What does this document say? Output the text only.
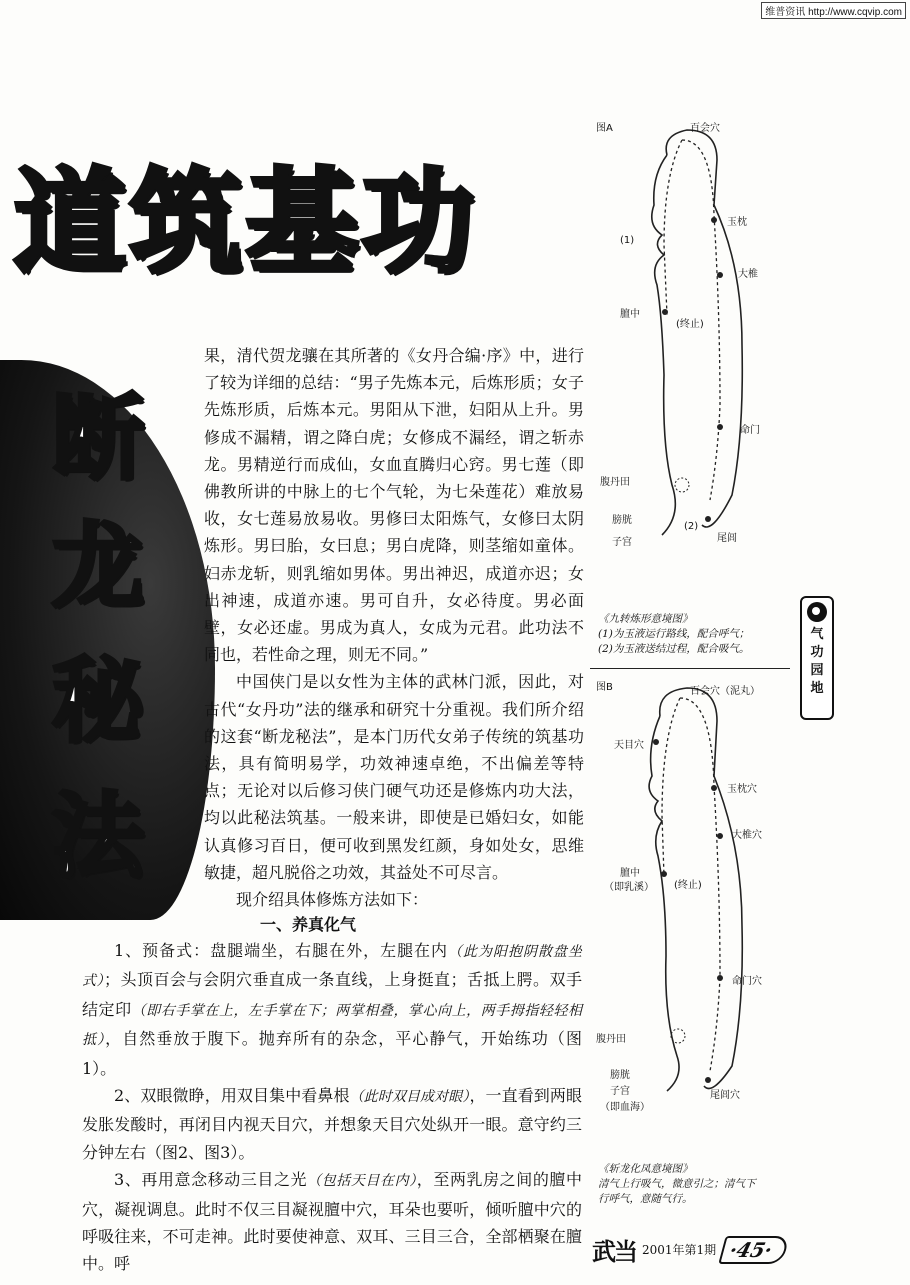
维普资讯 http://www.cqvip.com
道 筑 基 功
断
龙
秘
法

果，清代贺龙骧在其所著的《女丹合编·序》中，进行了较为详细的总结：“男子先炼本元，后炼形质；女子先炼形质，后炼本元。男阳从下泄，妇阳从上升。男修成不漏精，谓之降白虎；女修成不漏经，谓之斩赤龙。男精逆行而成仙，女血直腾归心窍。男七莲（即佛教所讲的中脉上的七个气轮，为七朵莲花）难放易收，女七莲易放易收。男修曰太阳炼气，女修曰太阴炼形。男曰胎，女曰息；男白虎降，则茎缩如童体。妇赤龙斩，则乳缩如男体。男出神迟，成道亦迟；女出神速，成道亦速。男可自升，女必待度。男必面壁，女必还虚。男成为真人，女成为元君。此功法不同也，若性命之理，则无不同。”

中国侠门是以女性为主体的武林门派，因此，对古代“女丹功”法的继承和研究十分重视。我们所介绍的这套“断龙秘法”，是本门历代女弟子传统的筑基功法，具有简明易学，功效神速卓绝，不出偏差等特点；无论对以后修习侠门硬气功还是修炼内功大法，均以此秘法筑基。一般来讲，即使是已婚妇女，如能认真修习百日，便可收到黑发红颜，身如处女，思维敏捷，超凡脱俗之功效，其益处不可尽言。

现介绍具体修炼方法如下：

一、养真化气

1、预备式：盘腿端坐，右腿在外，左腿在内（此为阳抱阴散盘坐式）；头顶百会与会阴穴垂直成一条直线，上身挺直；舌抵上腭。双手结定印（即右手掌在上，左手掌在下；两掌相叠，掌心向上，两手拇指轻轻相抵），自然垂放于腹下。抛弃所有的杂念，平心静气，开始练功（图1）。

2、双眼微睁，用双目集中看鼻根（此时双目成对眼），一直看到两眼发胀发酸时，再闭目内视天目穴，并想象天目穴处纵开一眼。意守约三分钟左右（图2、图3）。

3、再用意念移动三目之光（包括天目在内），至两乳房之间的膻中穴，凝视调息。此时不仅三目凝视膻中穴，耳朵也要听，倾听膻中穴的呼吸往来，不可走神。此时要使神意、双耳、三目三合，全部栖聚在膻中。呼

图A	百会穴
玉枕
大椎
膻中
(终止)
命门
腹丹田
膀胱
子宫	尾闾
(1)
(2)
《九转炼形意境图》
(1)为玉液运行路线，配合呼气；
(2)为玉液送结过程，配合吸气。
图B	百会穴（泥丸）
天目穴
玉枕穴
大椎穴
膻中
（即乳溪） (终止)
命门穴
腹丹田
膀胱
子宫
（即血海）
尾闾穴
《斩龙化凤意境图》
清气上行吸气，微意引之；清气下
行呼气，意随气行。
气
功
园
地
武当 2001年第1期 ·45·
